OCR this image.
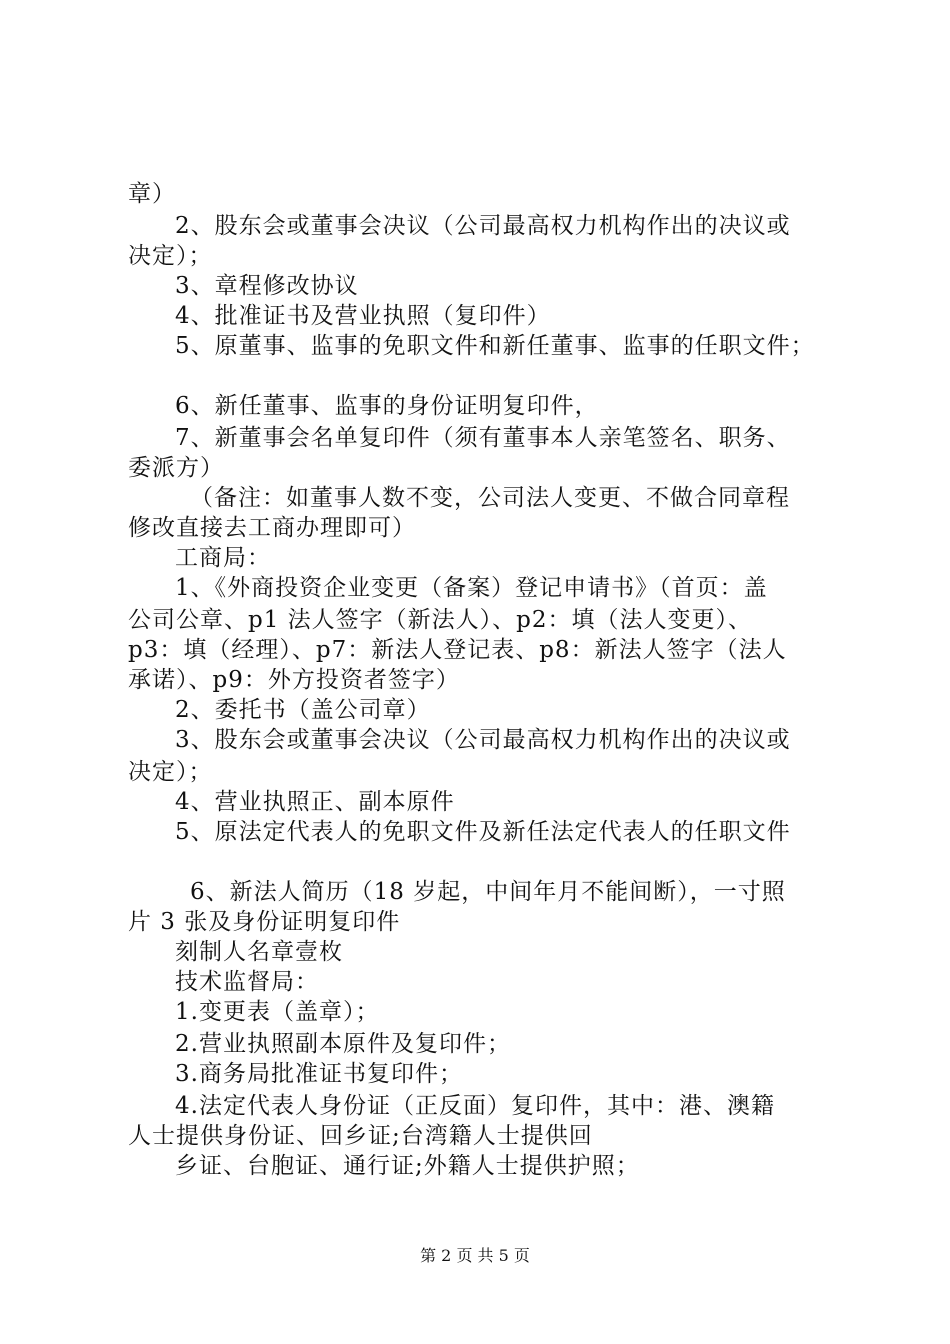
章）
2、股东会或董事会决议（公司最高权力机构作出的决议或
决定）；
3、章程修改协议
4、批准证书及营业执照（复印件）
5、原董事、监事的免职文件和新任董事、监事的任职文件；
6、新任董事、监事的身份证明复印件，
7、新董事会名单复印件（须有董事本人亲笔签名、职务、
委派方）
（备注：如董事人数不变，公司法人变更、不做合同章程
修改直接去工商办理即可）
工商局：
1、《外商投资企业变更（备案）登记申请书》（首页：盖
公司公章、p1 法人签字（新法人）、p2：填（法人变更）、
p3：填（经理）、p7：新法人登记表、p8：新法人签字（法人
承诺）、p9：外方投资者签字）
2、委托书（盖公司章）
3、股东会或董事会决议（公司最高权力机构作出的决议或
决定）；
4、营业执照正、副本原件
5、原法定代表人的免职文件及新任法定代表人的任职文件
6、新法人简历（18 岁起，中间年月不能间断），一寸照
片 3 张及身份证明复印件
刻制人名章壹枚
技术监督局：
1.变更表（盖章）；
2.营业执照副本原件及复印件；
3.商务局批准证书复印件；
4.法定代表人身份证（正反面）复印件，其中：港、澳籍
人士提供身份证、回乡证;台湾籍人士提供回
乡证、台胞证、通行证;外籍人士提供护照；
第 2 页 共 5 页
